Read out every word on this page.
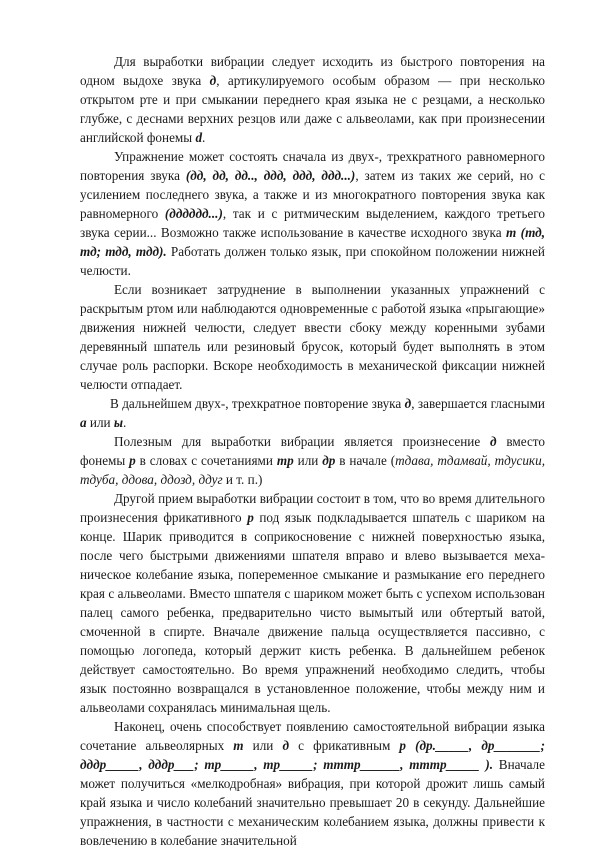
Для выработки вибрации следует исходить из быстрого повторения на одном выдохе звука д, артикулируемого особым образом — при несколько открытом рте и при смыкании переднего края языка не с резцами, а несколько глубже, с деснами верхних резцов или даже с альвеолами, как при произнесении английской фонемы d.

Упражнение может состоять сначала из двух-, трехкратного равномерного повторения звука (дд, дд, дд.., ддд, ддд, ддд...), затем из таких же серий, но с усилением последнего звука, а также и из многократного повторения звука как равномерного (дддддд...), так и с ритмическим выделением, каждого третьего звука серии... Возможно также использование в качестве исходного звука т (тд, тд; тдд, тдд). Работать должен только язык, при спокойном положении нижней челюсти.

Если возникает затруднение в выполнении указанных упражнений с раскрытым ртом или наблюдаются одновременные с работой языка «прыгающие» движения нижней челюсти, следует ввести сбоку между коренными зубами деревянный шпатель или резиновый брусок, который будет выполнять в этом случае роль распорки. Вскоре необходимость в механической фиксации нижней челюсти отпадает.

В дальнейшем двух-, трехкратное повторение звука д, завершается гласными а или ы.

Полезным для выработки вибрации является произнесение д вместо фонемы р в словах с сочетаниями тр или др в начале (тдава, тдамвай, тдусики, тдуба, ддова, ддозд, ддуг и т. п.)

Другой прием выработки вибрации состоит в том, что во время длительного произнесения фрикативного р под язык подкладывается шпатель с шариком на конце. Шарик приводится в соприкосновение с нижней поверхностью языка, после чего быстрыми движениями шпателя вправо и влево вызывается меха-ническое колебание языка, попеременное смыкание и размыкание его переднего края с альвеолами. Вместо шпателя с шариком может быть с успехом использован палец самого ребенка, предварительно чисто вымытый или обтертый ватой, смоченной в спирте. Вначале движение пальца осуществляется пассивно, с помощью логопеда, который держит кисть ребенка. В дальнейшем ребенок действует самостоятельно. Во время упражнений необходимо следить, чтобы язык постоянно возвращался в установленное положение, чтобы между ним и альвеолами сохранялась минимальная щель.

Наконец, очень способствует появлению самостоятельной вибрации языка сочетание альвеолярных т или д с фрикативным р (др._____, др_______; дддр_____, дддр___; тр_____, тр_____; тттр______, тттр_____ ). Вначале может получиться «мелкодробная» вибрация, при которой дрожит лишь самый край языка и число колебаний значительно превышает 20 в секунду. Дальнейшие упражнения, в частности с механическим колебанием языка, должны привести к вовлечению в колебание значительной
